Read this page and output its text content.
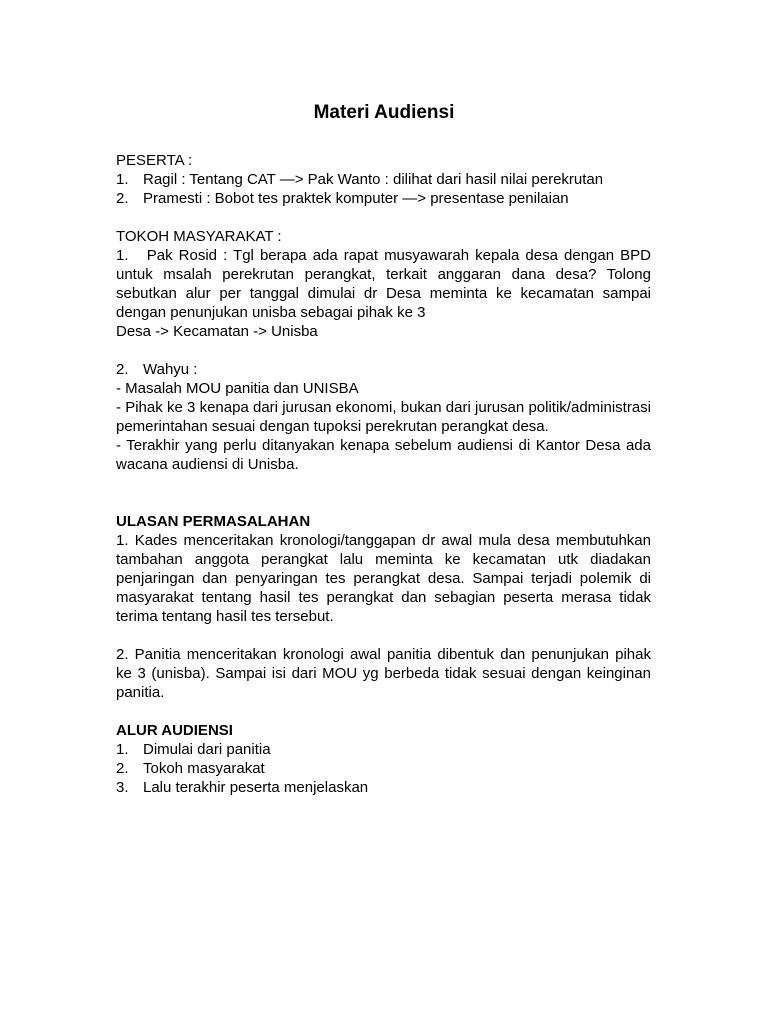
Materi Audiensi
PESERTA :
1. Ragil : Tentang CAT —> Pak Wanto : dilihat dari hasil nilai perekrutan
2. Pramesti : Bobot tes praktek komputer —> presentase penilaian
TOKOH MASYARAKAT :
1. Pak Rosid : Tgl berapa ada rapat musyawarah kepala desa dengan BPD untuk msalah perekrutan perangkat, terkait anggaran dana desa? Tolong sebutkan alur per tanggal dimulai dr Desa meminta ke kecamatan sampai dengan penunjukan unisba sebagai pihak ke 3
Desa -> Kecamatan -> Unisba
2. Wahyu :
- Masalah MOU panitia dan UNISBA
- Pihak ke 3 kenapa dari jurusan ekonomi, bukan dari jurusan politik/administrasi pemerintahan sesuai dengan tupoksi perekrutan perangkat desa.
- Terakhir yang perlu ditanyakan kenapa sebelum audiensi di Kantor Desa ada wacana audiensi di Unisba.
ULASAN PERMASALAHAN
1. Kades menceritakan kronologi/tanggapan dr awal mula desa membutuhkan tambahan anggota perangkat lalu meminta ke kecamatan utk diadakan penjaringan dan penyaringan tes perangkat desa. Sampai terjadi polemik di masyarakat tentang hasil tes perangkat dan sebagian peserta merasa tidak terima tentang hasil tes tersebut.
2. Panitia menceritakan kronologi awal panitia dibentuk dan penunjukan pihak ke 3 (unisba). Sampai isi dari MOU yg berbeda tidak sesuai dengan keinginan panitia.
ALUR AUDIENSI
1. Dimulai dari panitia
2. Tokoh masyarakat
3. Lalu terakhir peserta menjelaskan
